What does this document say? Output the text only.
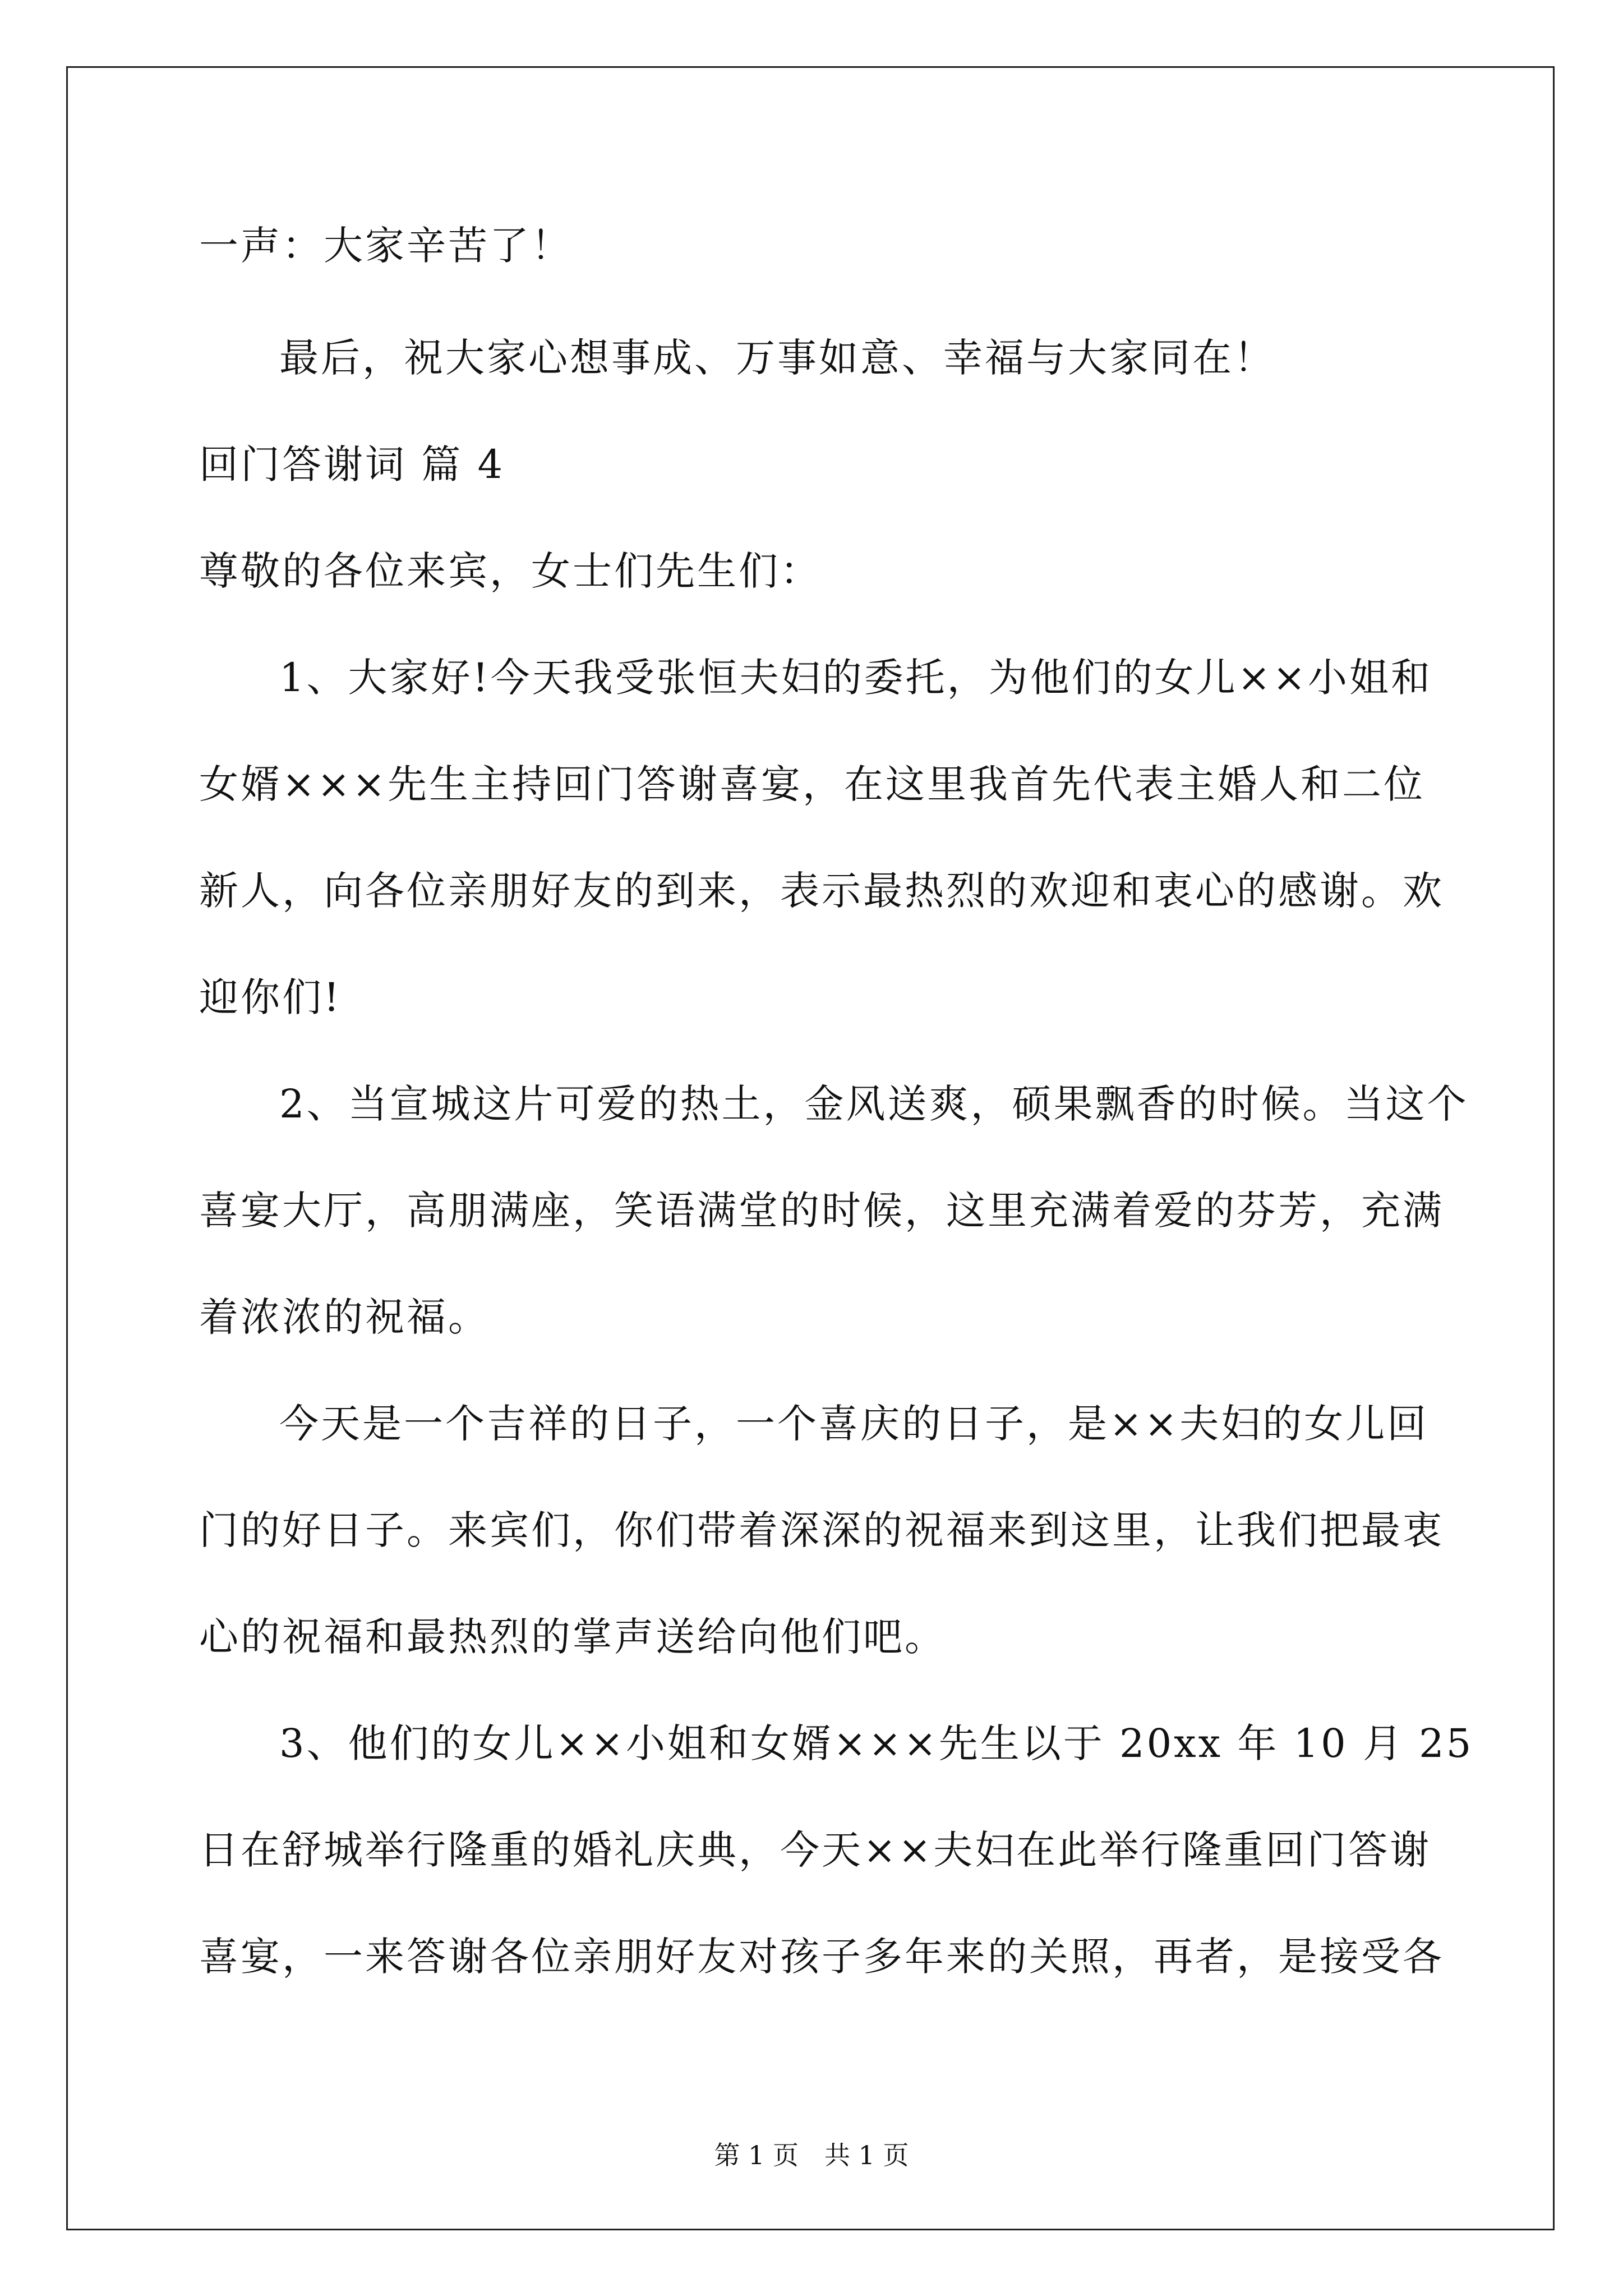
一声：大家辛苦了！
最后，祝大家心想事成、万事如意、幸福与大家同在！
回门答谢词 篇 4
尊敬的各位来宾，女士们先生们：
1、大家好!今天我受张恒夫妇的委托，为他们的女儿××小姐和
女婿×××先生主持回门答谢喜宴，在这里我首先代表主婚人和二位
新人，向各位亲朋好友的到来，表示最热烈的欢迎和衷心的感谢。欢
迎你们!
2、当宣城这片可爱的热土，金风送爽，硕果飘香的时候。当这个
喜宴大厅，高朋满座，笑语满堂的时候，这里充满着爱的芬芳，充满
着浓浓的祝福。
今天是一个吉祥的日子，一个喜庆的日子，是××夫妇的女儿回
门的好日子。来宾们，你们带着深深的祝福来到这里，让我们把最衷
心的祝福和最热烈的掌声送给向他们吧。
3、他们的女儿××小姐和女婿×××先生以于 20xx 年 10 月 25
日在舒城举行隆重的婚礼庆典，今天××夫妇在此举行隆重回门答谢
喜宴，一来答谢各位亲朋好友对孩子多年来的关照，再者，是接受各
第 1 页　共 1 页
